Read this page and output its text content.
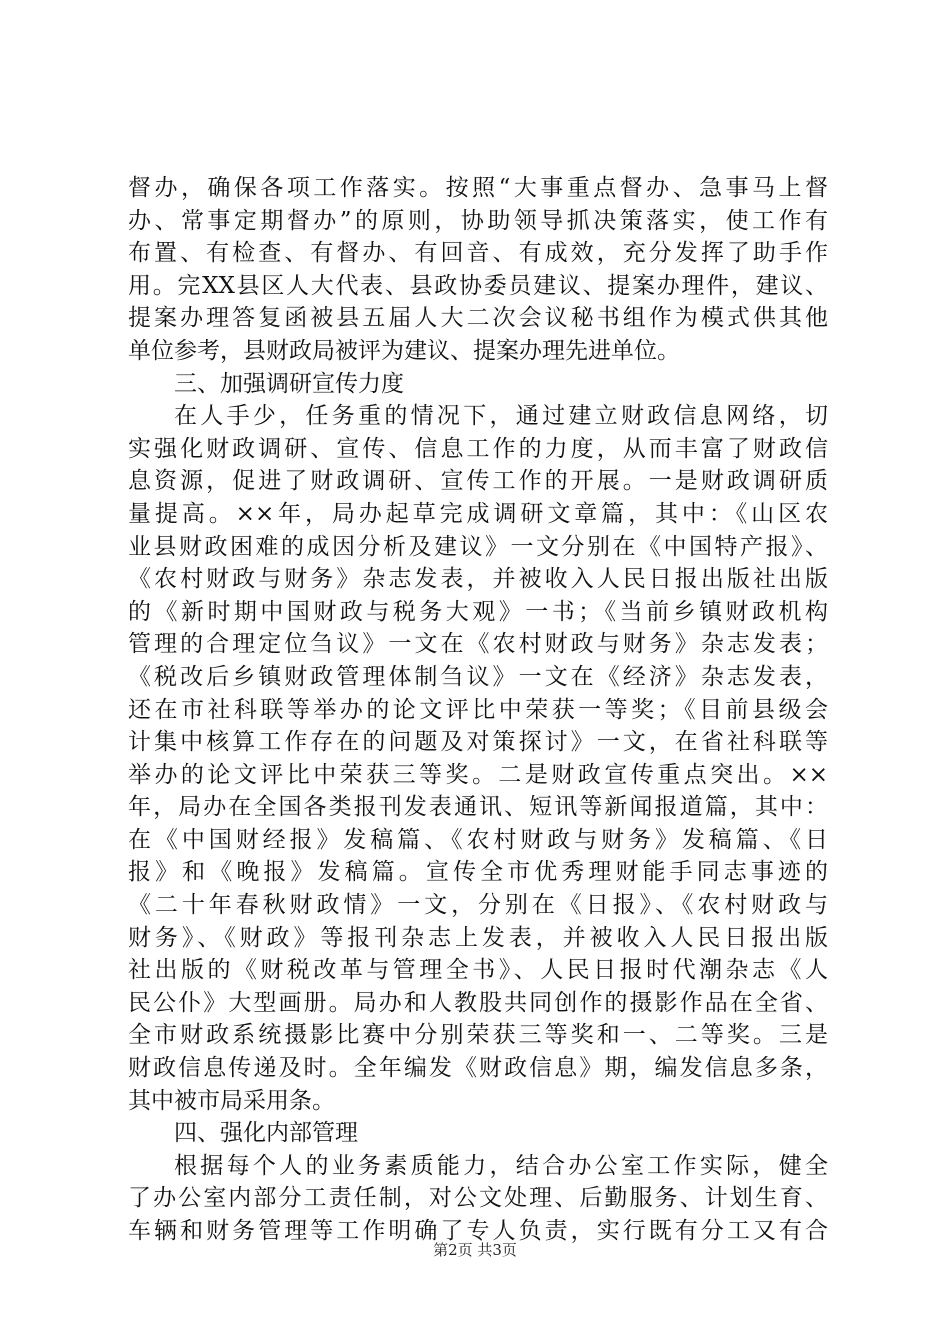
督办，确保各项工作落实。按照“大事重点督办、急事马上督
办、常事定期督办”的原则，协助领导抓决策落实，使工作有
布置、有检查、有督办、有回音、有成效，充分发挥了助手作
用。完XX县区人大代表、县政协委员建议、提案办理件，建议、
提案办理答复函被县五届人大二次会议秘书组作为模式供其他
单位参考，县财政局被评为建议、提案办理先进单位。
三、加强调研宣传力度
在人手少，任务重的情况下，通过建立财政信息网络，切
实强化财政调研、宣传、信息工作的力度，从而丰富了财政信
息资源，促进了财政调研、宣传工作的开展。一是财政调研质
量提高。××年，局办起草完成调研文章篇，其中：《山区农
业县财政困难的成因分析及建议》一文分别在《中国特产报》、
《农村财政与财务》杂志发表，并被收入人民日报出版社出版
的《新时期中国财政与税务大观》一书；《当前乡镇财政机构
管理的合理定位刍议》一文在《农村财政与财务》杂志发表；
《税改后乡镇财政管理体制刍议》一文在《经济》杂志发表，
还在市社科联等举办的论文评比中荣获一等奖；《目前县级会
计集中核算工作存在的问题及对策探讨》一文，在省社科联等
举办的论文评比中荣获三等奖。二是财政宣传重点突出。××
年，局办在全国各类报刊发表通讯、短讯等新闻报道篇，其中：
在《中国财经报》发稿篇、《农村财政与财务》发稿篇、《日
报》和《晚报》发稿篇。宣传全市优秀理财能手同志事迹的
《二十年春秋财政情》一文，分别在《日报》、《农村财政与
财务》、《财政》等报刊杂志上发表，并被收入人民日报出版
社出版的《财税改革与管理全书》、人民日报时代潮杂志《人
民公仆》大型画册。局办和人教股共同创作的摄影作品在全省、
全市财政系统摄影比赛中分别荣获三等奖和一、二等奖。三是
财政信息传递及时。全年编发《财政信息》期，编发信息多条，
其中被市局采用条。
四、强化内部管理
根据每个人的业务素质能力，结合办公室工作实际，健全
了办公室内部分工责任制，对公文处理、后勤服务、计划生育、
车辆和财务管理等工作明确了专人负责，实行既有分工又有合
第2页 共3页
